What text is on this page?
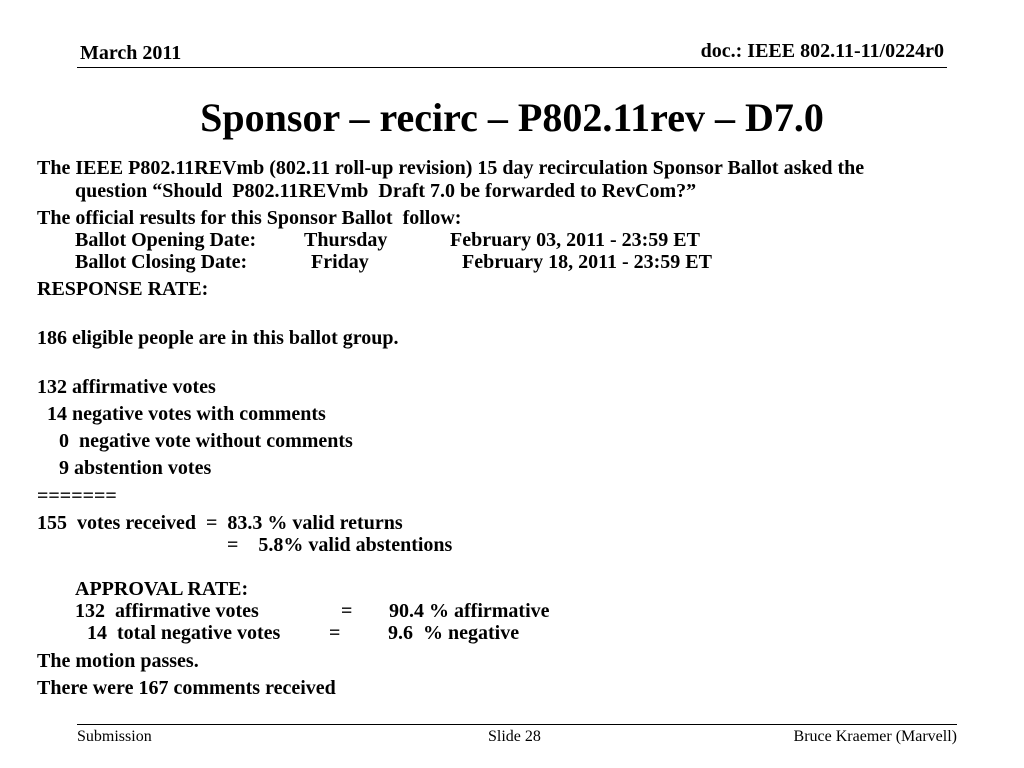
March 2011	doc.: IEEE 802.11-11/0224r0
Sponsor – recirc – P802.11rev – D7.0
The IEEE P802.11REVmb (802.11 roll-up revision) 15 day recirculation Sponsor Ballot asked the
question “Should  P802.11REVmb  Draft 7.0 be forwarded to RevCom?”
The official results for this Sponsor Ballot  follow:
Ballot Opening Date: Thursday	February 03, 2011 - 23:59 ET
Ballot Closing Date:	Friday	February 18, 2011 - 23:59 ET
RESPONSE RATE:
186 eligible people are in this ballot group.
132 affirmative votes
14 negative votes with comments
0  negative vote without comments
9 abstention votes
=======
155  votes received  =  83.3 % valid returns
=    5.8% valid abstentions
APPROVAL RATE:
132  affirmative votes	= 90.4 % affirmative
14  total negative votes = 9.6  % negative
The motion passes.
There were 167 comments received
Submission	Slide 28	Bruce Kraemer (Marvell)
